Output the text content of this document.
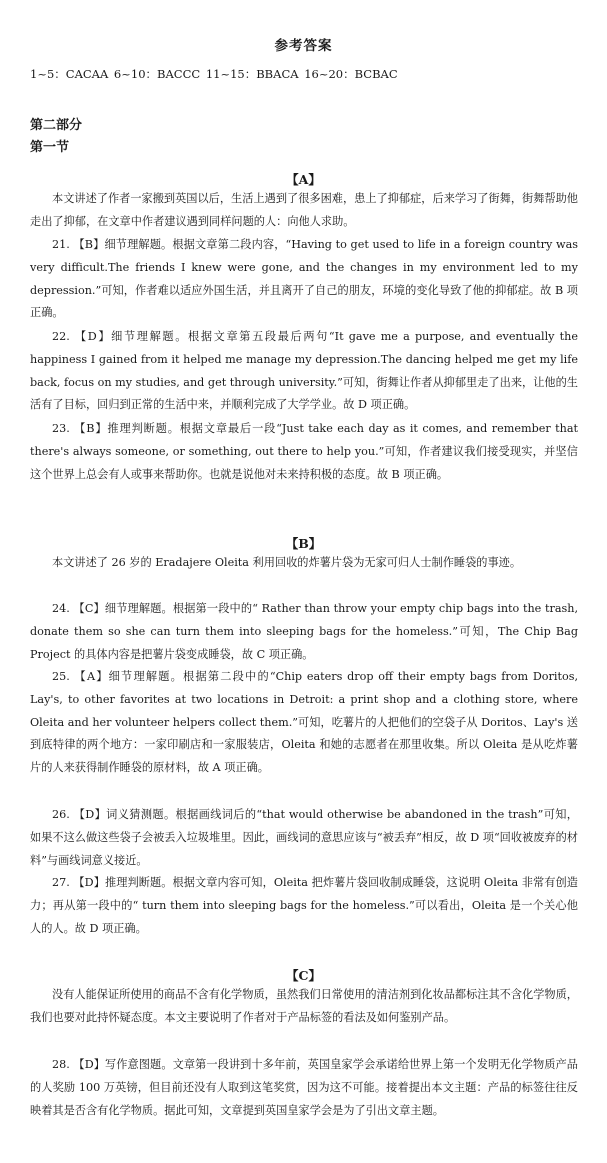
参考答案
1~5：CACAA 6~10：BACCC 11~15：BBACA 16~20：BCBAC
第二部分
第一节
【A】
本文讲述了作者一家搬到英国以后，生活上遇到了很多困难，患上了抑郁症，后来学习了街舞，街舞帮助他走出了抑郁，在文章中作者建议遇到同样问题的人：向他人求助。
21. 【B】细节理解题。根据文章第二段内容，“Having to get used to life in a foreign country was very difficult.The friends I knew were gone, and the changes in my environment led to my depression.”可知，作者难以适应外国生活，并且离开了自己的朋友，环境的变化导致了他的抑郁症。故 B 项正确。
22. 【D】细节理解题。根据文章第五段最后两句“It gave me a purpose, and eventually the happiness I gained from it helped me manage my depression.The dancing helped me get my life back, focus on my studies, and get through university.”可知，街舞让作者从抑郁里走了出来，让他的生活有了目标，回归到正常的生活中来，并顺利完成了大学学业。故 D 项正确。
23. 【B】推理判断题。根据文章最后一段“Just take each day as it comes, and remember that there's always someone, or something, out there to help you.”可知，作者建议我们接受现实，并坚信这个世界上总会有人或事来帮助你。也就是说他对未来持积极的态度。故 B 项正确。
【B】
本文讲述了 26 岁的 Eradajere Oleita 利用回收的炸薯片袋为无家可归人士制作睡袋的事迹。
24. 【C】细节理解题。根据第一段中的“ Rather than throw your empty chip bags into the trash, donate them so she can turn them into sleeping bags for the homeless.”可知，The Chip Bag Project 的具体内容是把薯片袋变成睡袋，故 C 项正确。
25. 【A】细节理解题。根据第二段中的“Chip eaters drop off their empty bags from Doritos, Lay's, to other favorites at two locations in Detroit: a print shop and a clothing store, where Oleita and her volunteer helpers collect them.”可知，吃薯片的人把他们的空袋子从 Doritos、Lay's 送到底特律的两个地方：一家印刷店和一家服装店，Oleita 和她的志愿者在那里收集。所以 Oleita 是从吃炸薯片的人来获得制作睡袋的原材料，故 A 项正确。
26. 【D】词义猜测题。根据画线词后的“that would otherwise be abandoned in the trash”可知，如果不这么做这些袋子会被丢入垃圾堆里。因此，画线词的意思应该与“被丢弃”相反，故 D 项“回收被废弃的材料”与画线词意义接近。
27. 【D】推理判断题。根据文章内容可知，Oleita 把炸薯片袋回收制成睡袋，这说明 Oleita 非常有创造力；再从第一段中的“ turn them into sleeping bags for the homeless.”可以看出，Oleita 是一个关心他人的人。故 D 项正确。
【C】
没有人能保证所使用的商品不含有化学物质，虽然我们日常使用的清洁剂到化妆品都标注其不含化学物质，我们也要对此持怀疑态度。本文主要说明了作者对于产品标签的看法及如何鉴别产品。
28. 【D】写作意图题。文章第一段讲到十多年前，英国皇家学会承诺给世界上第一个发明无化学物质产品的人奖励 100 万英镑，但目前还没有人取到这笔奖赏，因为这不可能。接着提出本文主题：产品的标签往往反映着其是否含有化学物质。据此可知，文章提到英国皇家学会是为了引出文章主题。
